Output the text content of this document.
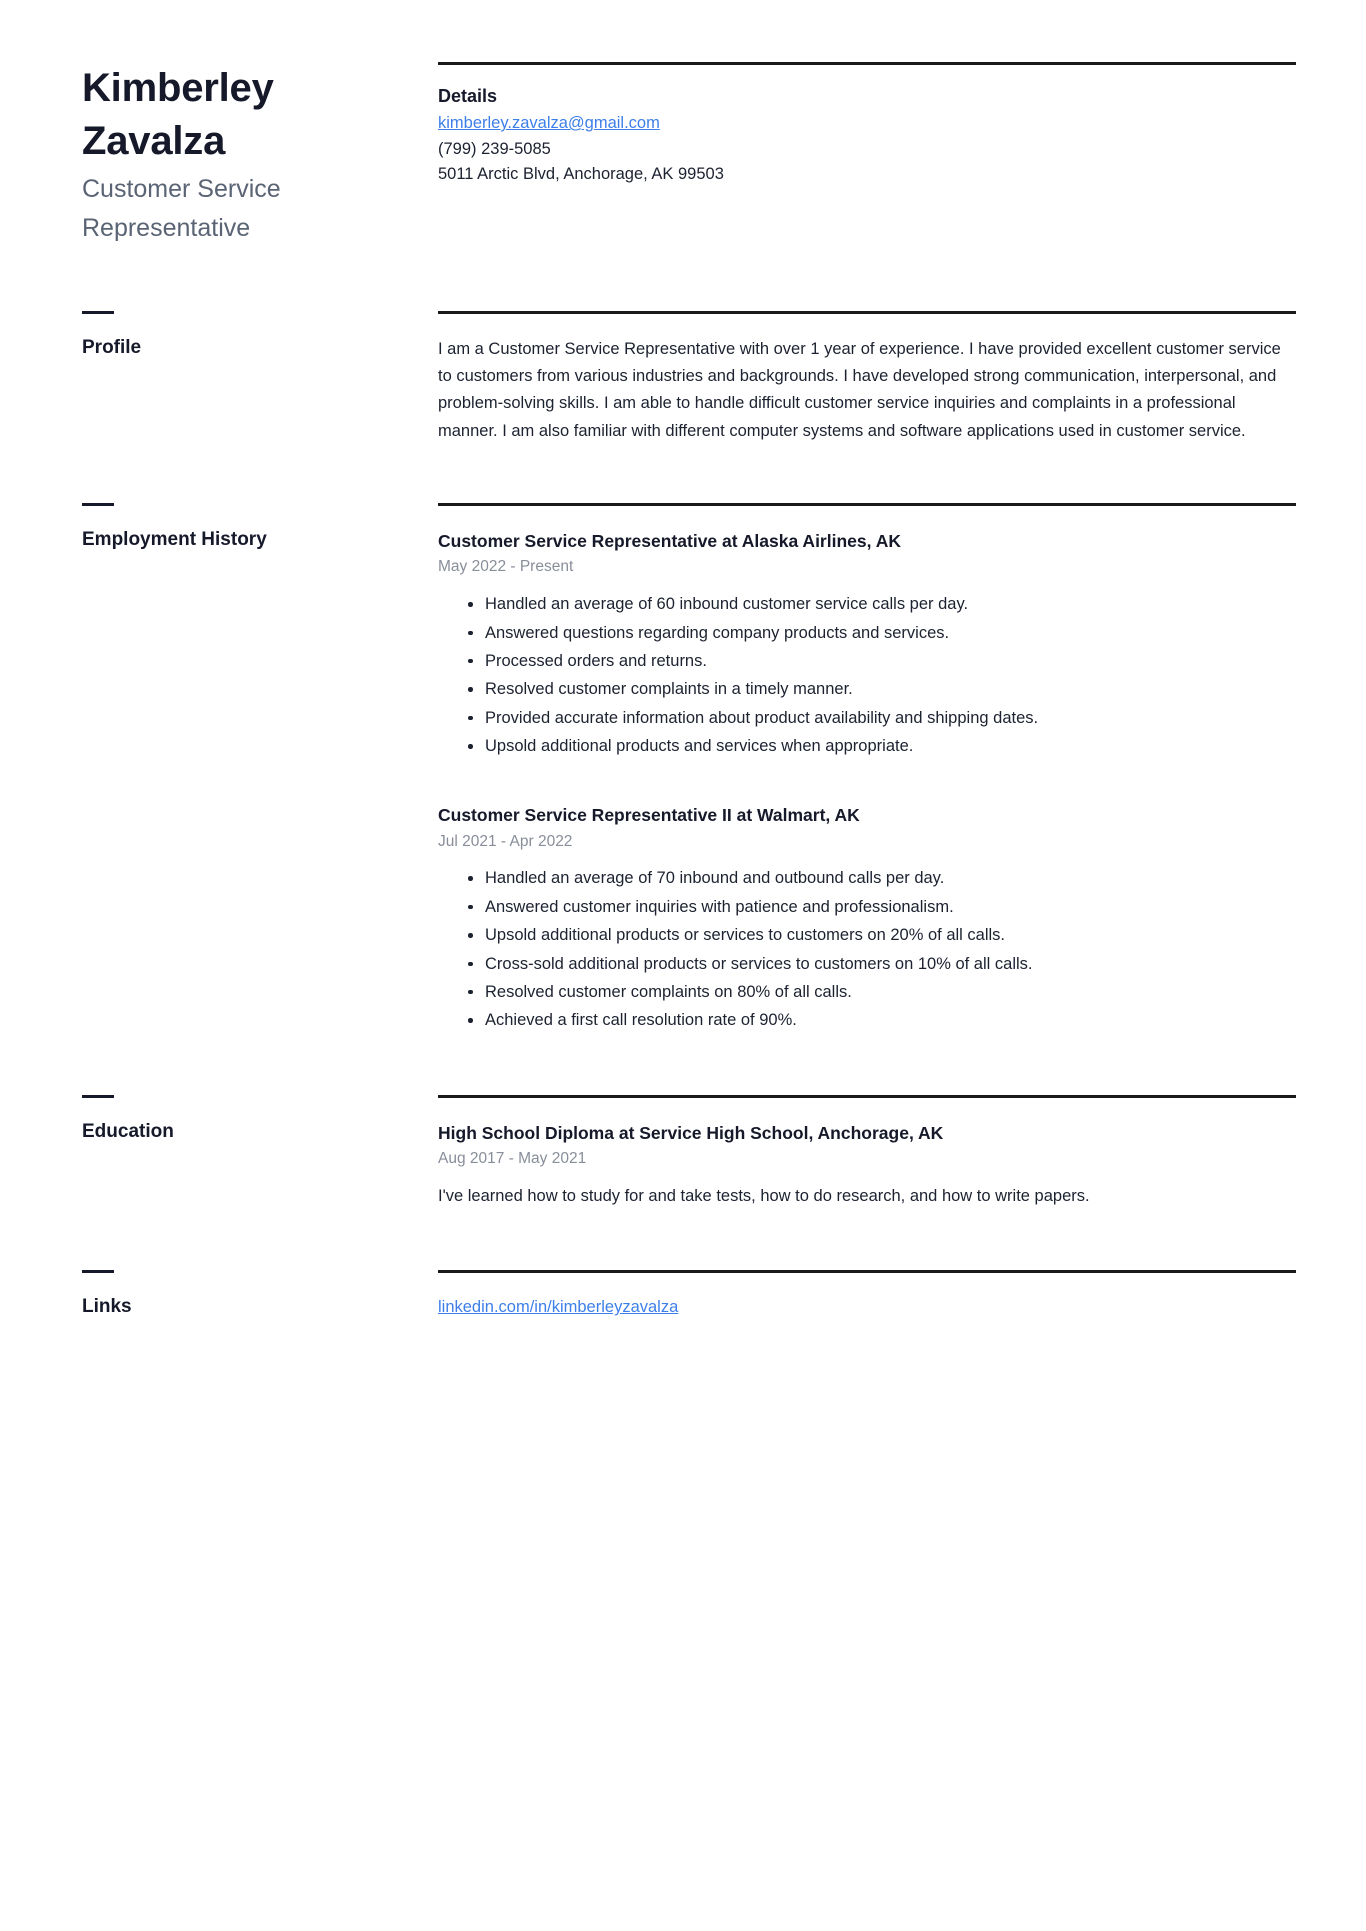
Kimberley
Zavalza
Customer Service
Representative
Details
kimberley.zavalza@gmail.com
(799) 239-5085
5011 Arctic Blvd, Anchorage, AK 99503
Profile	I am a Customer Service Representative with over 1 year of experience. I have provided excellent customer service to customers from various industries and backgrounds. I have developed strong communication, interpersonal, and problem-solving skills. I am able to handle difficult customer service inquiries and complaints in a professional manner. I am also familiar with different computer systems and software applications used in customer service.
Employment History	Customer Service Representative at Alaska Airlines, AK
May 2022 - Present
Handled an average of 60 inbound customer service calls per day.
Answered questions regarding company products and services.
Processed orders and returns.
Resolved customer complaints in a timely manner.
Provided accurate information about product availability and shipping dates.
Upsold additional products and services when appropriate.
Customer Service Representative II at Walmart, AK
Jul 2021 - Apr 2022
Handled an average of 70 inbound and outbound calls per day.
Answered customer inquiries with patience and professionalism.
Upsold additional products or services to customers on 20% of all calls.
Cross-sold additional products or services to customers on 10% of all calls.
Resolved customer complaints on 80% of all calls.
Achieved a first call resolution rate of 90%.
Education	High School Diploma at Service High School, Anchorage, AK
Aug 2017 - May 2021
I've learned how to study for and take tests, how to do research, and how to write papers.
Links	linkedin.com/in/kimberleyzavalza
